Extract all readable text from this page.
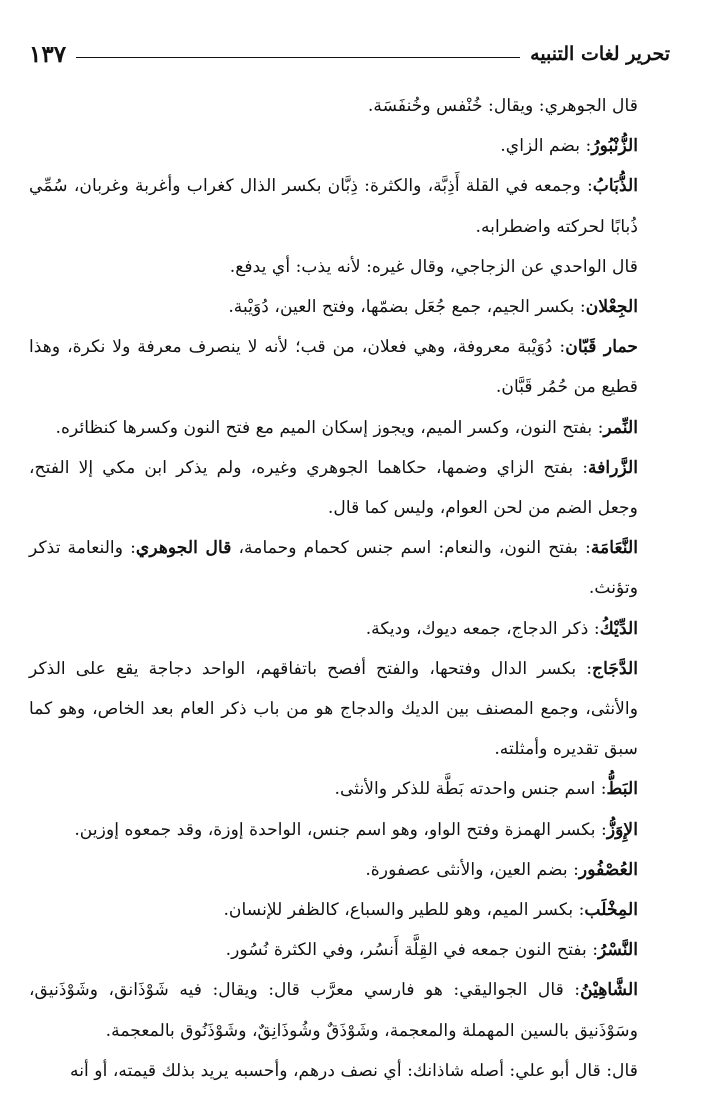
تحرير لغات التنبيه
١٣٧

قال الجوهري: ويقال: خُنْفس وخُنفَسَة.

الزُّنْبُورُ: بضم الزاي.

الذُّبَابُ: وجمعه في القلة أَذِبَّة، والكثرة: ذِبَّان بكسر الذال كغراب وأغربة وغربان، سُمِّي ذُبابًا لحركته واضطرابه.

قال الواحدي عن الزجاجي، وقال غيره: لأنه يذب: أي يدفع.

الجِعْلان: بكسر الجيم، جمع جُعَل بضمّها، وفتح العين، دُوَيْبة.

حمار قَبّان: دُوَيْبة معروفة، وهي فعلان، من قب؛ لأنه لا ينصرف معرفة ولا نكرة، وهذا قطيع من حُمُر قَبَّان.

النِّمر: بفتح النون، وكسر الميم، ويجوز إسكان الميم مع فتح النون وكسرها كنظائره.

الزَّرافة: بفتح الزاي وضمها، حكاهما الجوهري وغيره، ولم يذكر ابن مكي إلا الفتح، وجعل الضم من لحن العوام، وليس كما قال.

النَّعَامَة: بفتح النون، والنعام: اسم جنس كحمام وحمامة، قال الجوهري: والنعامة تذكر وتؤنث.

الدِّيْكُ: ذكر الدجاج، جمعه ديوك، وديكة.

الدَّجَاج: بكسر الدال وفتحها، والفتح أفصح باتفاقهم، الواحد دجاجة يقع على الذكر والأنثى، وجمع المصنف بين الديك والدجاج هو من باب ذكر العام بعد الخاص، وهو كما سبق تقديره وأمثلته.

البَطُّ: اسم جنس واحدته بَطَّة للذكر والأنثى.

الإِوَزُّ: بكسر الهمزة وفتح الواو، وهو اسم جنس، الواحدة إوزة، وقد جمعوه إوزين.

العُصْفُور: بضم العين، والأنثى عصفورة.

المِخْلَب: بكسر الميم، وهو للطير والسباع، كالظفر للإنسان.

النَّسْرُ: بفتح النون جمعه في القِلَّة أَنسُر، وفي الكثرة نُسُور.

الشَّاهِيْنُ: قال الجواليقي: هو فارسي معرَّب قال: ويقال: فيه شَوْذَانق، وشَوْذَنيق، وسَوْذَنيق بالسين المهملة والمعجمة، وشَوْذَقٌ وشُوذَانِقٌ، وشَوْذَنُوق بالمعجمة.

قال: قال أبو علي: أصله شاذانك: أي نصف درهم، وأحسبه يريد بذلك قيمته، أو أنه
